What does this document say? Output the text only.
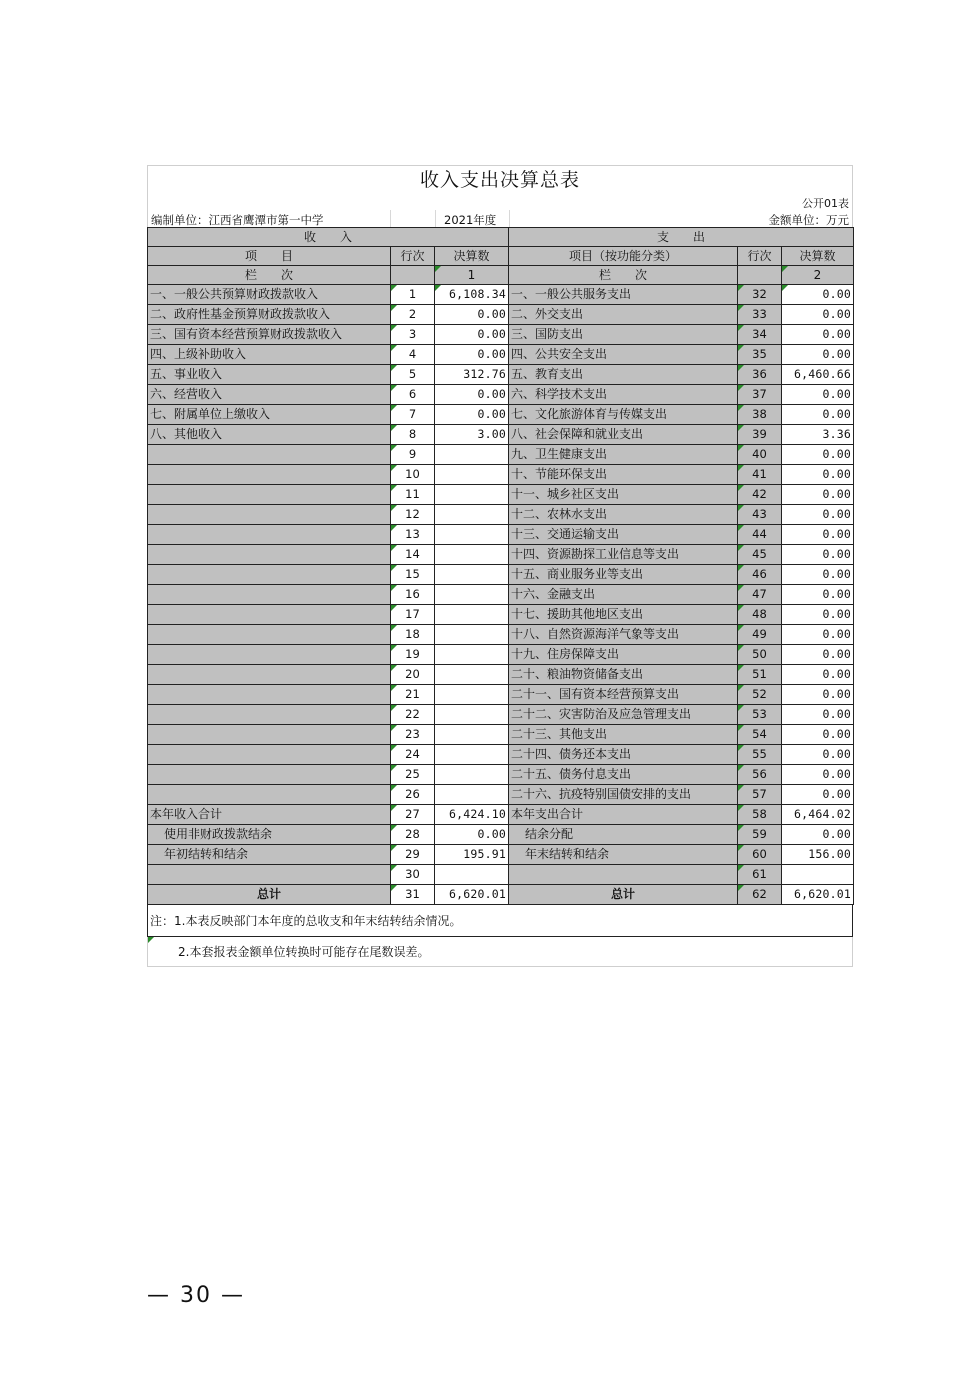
收入支出决算总表
公开01表
编制单位：江西省鹰潭市第一中学	2021年度	金额单位：万元
收　　入			支　　出		
项　　目	行次	决算数	项目（按功能分类）	行次	决算数
栏　　次		1	栏　　次		2
一、一般公共预算财政拨款收入	1	6,108.34	一、一般公共服务支出	32	0.00
二、政府性基金预算财政拨款收入	2	0.00	二、外交支出	33	0.00
三、国有资本经营预算财政拨款收入	3	0.00	三、国防支出	34	0.00
四、上级补助收入	4	0.00	四、公共安全支出	35	0.00
五、事业收入	5	312.76	五、教育支出	36	6,460.66
六、经营收入	6	0.00	六、科学技术支出	37	0.00
七、附属单位上缴收入	7	0.00	七、文化旅游体育与传媒支出	38	0.00
八、其他收入	8	3.00	八、社会保障和就业支出	39	3.36
	9		九、卫生健康支出	40	0.00
	10		十、节能环保支出	41	0.00
	11		十一、城乡社区支出	42	0.00
	12		十二、农林水支出	43	0.00
	13		十三、交通运输支出	44	0.00
	14		十四、资源勘探工业信息等支出	45	0.00
	15		十五、商业服务业等支出	46	0.00
	16		十六、金融支出	47	0.00
	17		十七、援助其他地区支出	48	0.00
	18		十八、自然资源海洋气象等支出	49	0.00
	19		十九、住房保障支出	50	0.00
	20		二十、粮油物资储备支出	51	0.00
	21		二十一、国有资本经营预算支出	52	0.00
	22		二十二、灾害防治及应急管理支出	53	0.00
	23		二十三、其他支出	54	0.00
	24		二十四、债务还本支出	55	0.00
	25		二十五、债务付息支出	56	0.00
	26		二十六、抗疫特别国债安排的支出	57	0.00
本年收入合计	27	6,424.10	本年支出合计	58	6,464.02
使用非财政拨款结余	28	0.00	结余分配	59	0.00
年初结转和结余	29	195.91	年末结转和结余	60	156.00
	30			61	
总计	31	6,620.01	总计	62	6,620.01
注：1.本表反映部门本年度的总收支和年末结转结余情况。
2.本套报表金额单位转换时可能存在尾数误差。
— 30 —
